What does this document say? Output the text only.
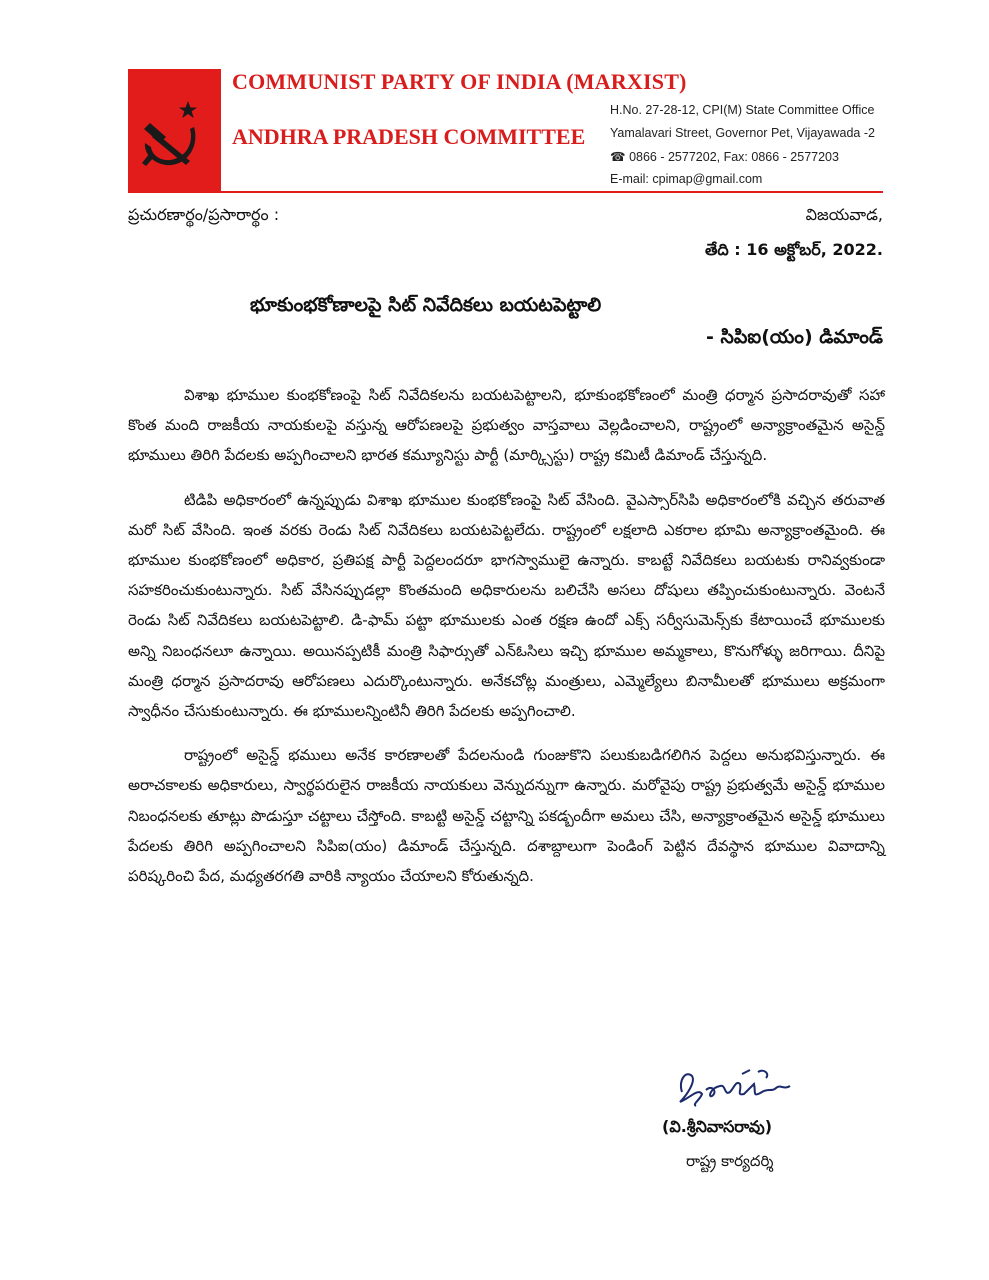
COMMUNIST PARTY OF INDIA (MARXIST)
ANDHRA PRADESH COMMITTEE
H.No. 27-28-12, CPI(M) State Committee Office
Yamalavari Street, Governor Pet, Vijayawada -2
☎ 0866 - 2577202, Fax: 0866 - 2577203
E-mail: cpimap@gmail.com
ప్రచురణార్థం/ప్రసారార్థం :	విజయవాడ,
తేది : 16 అక్టోబర్, 2022.
భూకుంభకోణాలపై సిట్ నివేదికలు బయటపెట్టాలి
- సిపిఐ(యం) డిమాండ్

విశాఖ భూముల కుంభకోణంపై సిట్ నివేదికలను బయటపెట్టాలని, భూకుంభకోణంలో మంత్రి ధర్మాన ప్రసాదరావుతో సహా కొంత మంది రాజకీయ నాయకులపై వస్తున్న ఆరోపణలపై ప్రభుత్వం వాస్తవాలు వెల్లడించాలని, రాష్ట్రంలో అన్యాక్రాంతమైన అసైన్డ్ భూములు తిరిగి పేదలకు అప్పగించాలని భారత కమ్యూనిస్టు పార్టీ (మార్క్సిస్టు) రాష్ట్ర కమిటీ డిమాండ్ చేస్తున్నది.

టిడిపి అధికారంలో ఉన్నప్పుడు విశాఖ భూముల కుంభకోణంపై సిట్ వేసింది. వైఎస్సార్‌సిపి అధికారంలోకి వచ్చిన తరువాత మరో సిట్ వేసింది. ఇంత వరకు రెండు సిట్ నివేదికలు బయటపెట్టలేదు. రాష్ట్రంలో లక్షలాది ఎకరాల భూమి అన్యాక్రాంతమైంది. ఈ భూముల కుంభకోణంలో అధికార, ప్రతిపక్ష పార్టీ పెద్దలందరూ భాగస్వాములై ఉన్నారు. కాబట్టే నివేదికలు బయటకు రానివ్వకుండా సహకరించుకుంటున్నారు. సిట్ వేసినప్పుడల్లా కొంతమంది అధికారులను బలిచేసి అసలు దోషులు తప్పించుకుంటున్నారు. వెంటనే రెండు సిట్ నివేదికలు బయటపెట్టాలి. డి-ఫామ్ పట్టా భూములకు ఎంత రక్షణ ఉందో ఎక్స్ సర్వీసుమెన్స్‌కు కేటాయించే భూములకు అన్ని నిబంధనలూ ఉన్నాయి. అయినప్పటికీ మంత్రి సిఫార్సుతో ఎన్‌ఓసిలు ఇచ్చి భూముల అమ్మకాలు, కొనుగోళ్ళు జరిగాయి. దీనిపై మంత్రి ధర్మాన ప్రసాదరావు ఆరోపణలు ఎదుర్కొంటున్నారు. అనేకచోట్ల మంత్రులు, ఎమ్మెల్యేలు బినామీలతో భూములు అక్రమంగా స్వాధీనం చేసుకుంటున్నారు. ఈ భూములన్నింటినీ తిరిగి పేదలకు అప్పగించాలి.

రాష్ట్రంలో అసైన్డ్ భములు అనేక కారణాలతో పేదలనుండి గుంజుకొని పలుకుబడిగలిగిన పెద్దలు అనుభవిస్తున్నారు. ఈ అరాచకాలకు అధికారులు, స్వార్థపరులైన రాజకీయ నాయకులు వెన్నుదన్నుగా ఉన్నారు. మరోవైపు రాష్ట్ర ప్రభుత్వమే అసైన్డ్ భూముల నిబంధనలకు తూట్లు పొడుస్తూ చట్టాలు చేస్తోంది. కాబట్టి అసైన్డ్ చట్టాన్ని పకడ్బందీగా అమలు చేసి, అన్యాక్రాంతమైన అసైన్డ్ భూములు పేదలకు తిరిగి అప్పగించాలని సిపిఐ(యం) డిమాండ్ చేస్తున్నది. దశాబ్దాలుగా పెండింగ్ పెట్టిన దేవస్థాన భూముల వివాదాన్ని పరిష్కరించి పేద, మధ్యతరగతి వారికి న్యాయం చేయాలని కోరుతున్నది.

(వి.శ్రీనివాసరావు)
రాష్ట్ర కార్యదర్శి
